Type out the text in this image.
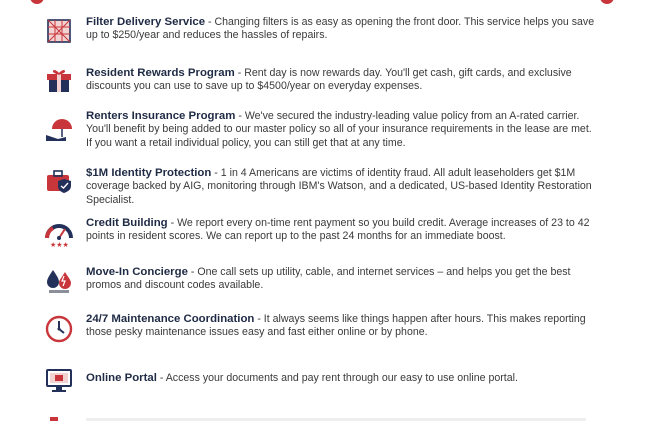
Filter Delivery Service - Changing filters is as easy as opening the front door. This service helps you save up to $250/year and reduces the hassles of repairs.
Resident Rewards Program - Rent day is now rewards day. You'll get cash, gift cards, and exclusive discounts you can use to save up to $4500/year on everyday expenses.
Renters Insurance Program - We've secured the industry-leading value policy from an A-rated carrier. You'll benefit by being added to our master policy so all of your insurance requirements in the lease are met. If you want a retail individual policy, you can still get that at any time.
$1M Identity Protection - 1 in 4 Americans are victims of identity fraud. All adult leaseholders get $1M coverage backed by AIG, monitoring through IBM's Watson, and a dedicated, US-based Identity Restoration Specialist.
★★★
Credit Building - We report every on-time rent payment so you build credit. Average increases of 23 to 42 points in resident scores. We can report up to the past 24 months for an immediate boost.
Move-In Concierge - One call sets up utility, cable, and internet services – and helps you get the best promos and discount codes available.
24/7 Maintenance Coordination - It always seems like things happen after hours. This makes reporting those pesky maintenance issues easy and fast either online or by phone.
Online Portal - Access your documents and pay rent through our easy to use online portal.
